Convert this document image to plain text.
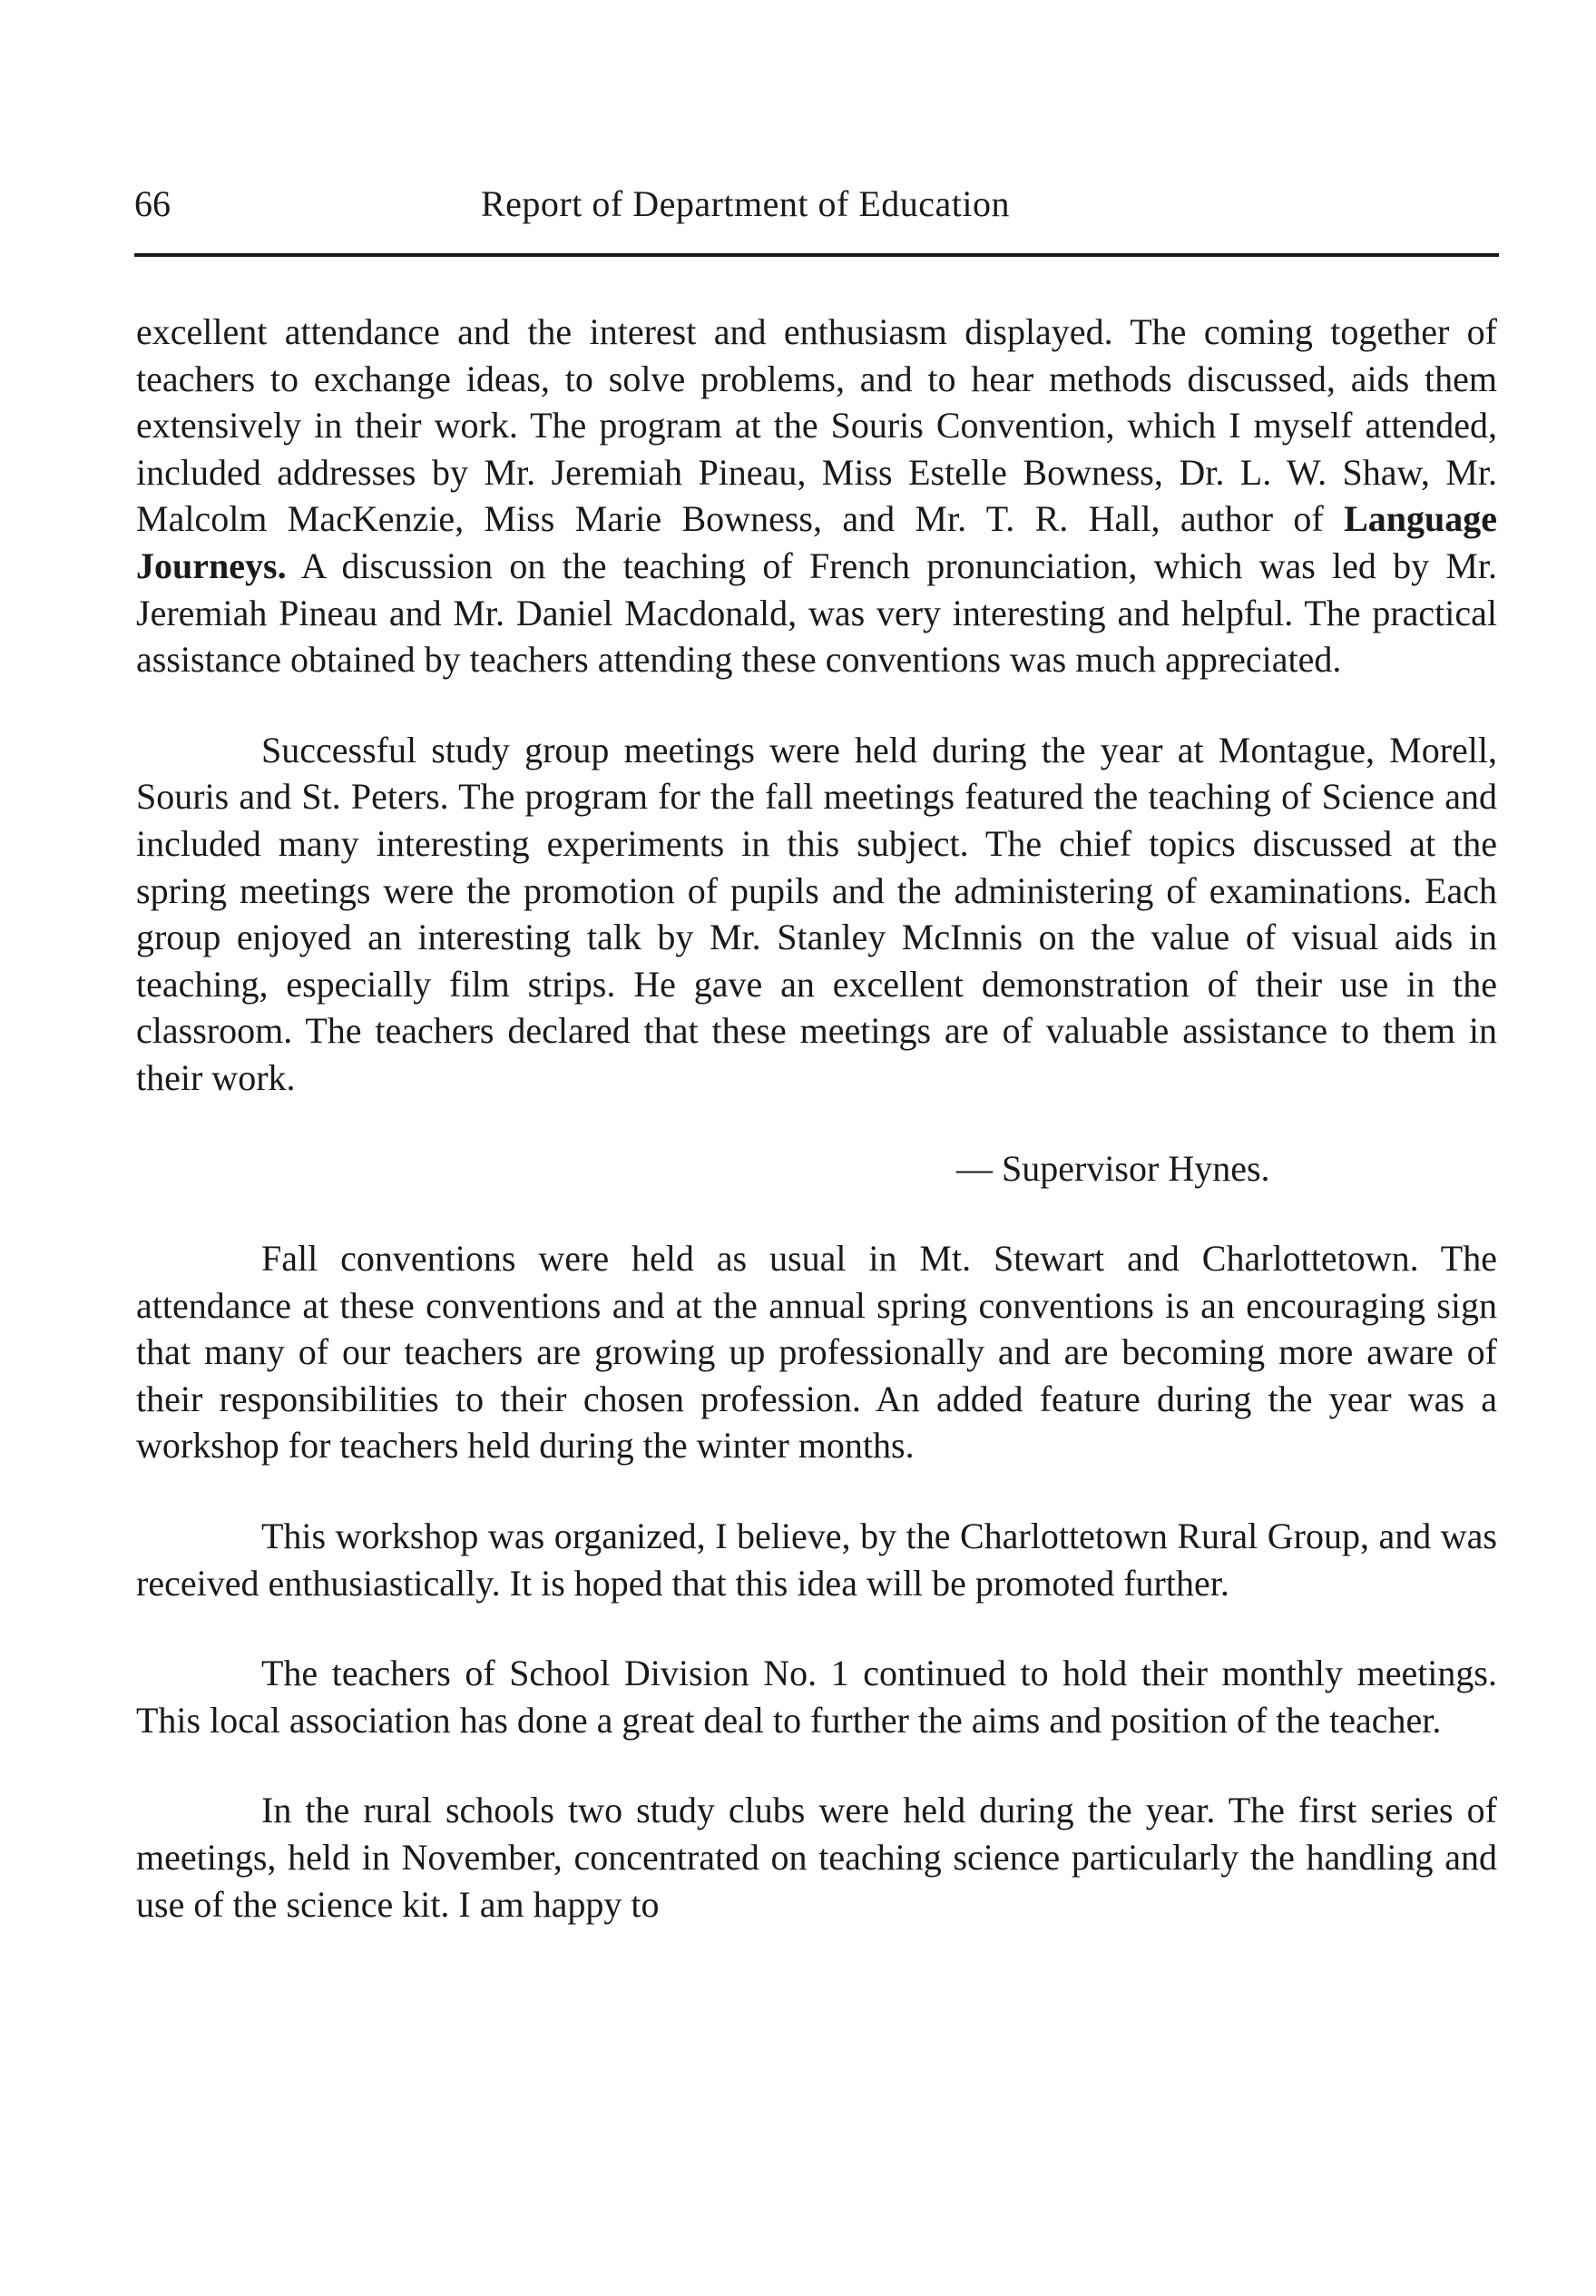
66	Report of Department of Education

excellent attendance and the interest and enthusiasm displayed. The coming together of teachers to exchange ideas, to solve problems, and to hear methods discussed, aids them extensively in their work. The program at the Souris Convention, which I myself attended, included addresses by Mr. Jeremiah Pineau, Miss Estelle Bowness, Dr. L. W. Shaw, Mr. Malcolm MacKenzie, Miss Marie Bowness, and Mr. T. R. Hall, author of Language Journeys. A discussion on the teaching of French pronunciation, which was led by Mr. Jeremiah Pineau and Mr. Daniel Macdonald, was very interesting and helpful. The practical assistance obtained by teachers attending these conventions was much appreciated.

Successful study group meetings were held during the year at Montague, Morell, Souris and St. Peters. The program for the fall meetings featured the teaching of Science and included many interesting experiments in this subject. The chief topics discussed at the spring meetings were the promotion of pupils and the administering of examinations. Each group enjoyed an interesting talk by Mr. Stanley McInnis on the value of visual aids in teaching, especially film strips. He gave an excellent demonstration of their use in the classroom. The teachers declared that these meetings are of valuable assistance to them in their work.

— Supervisor Hynes.

Fall conventions were held as usual in Mt. Stewart and Charlottetown. The attendance at these conventions and at the annual spring conventions is an encouraging sign that many of our teachers are growing up professionally and are becoming more aware of their responsibilities to their chosen profession. An added feature during the year was a workshop for teachers held during the winter months.

This workshop was organized, I believe, by the Charlottetown Rural Group, and was received enthusiastically. It is hoped that this idea will be promoted further.

The teachers of School Division No. 1 continued to hold their monthly meetings. This local association has done a great deal to further the aims and position of the teacher.

In the rural schools two study clubs were held during the year. The first series of meetings, held in November, concentrated on teaching science particularly the handling and use of the science kit. I am happy to
